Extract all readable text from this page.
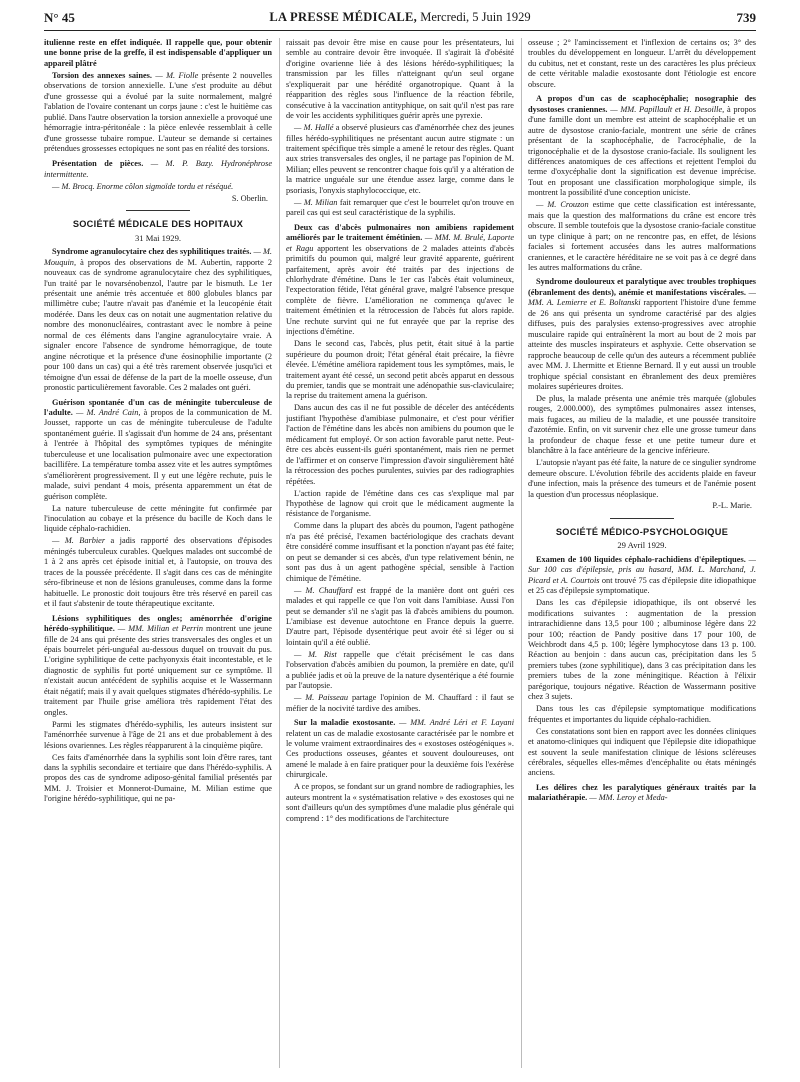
N° 45	LA PRESSE MÉDICALE, Mercredi, 5 Juin 1929	739

itulienne reste en effet indiquée. Il rappelle que, pour obtenir une bonne prise de la greffe, il est indispensable d'appliquer un appareil plâtré

Torsion des annexes saines. — M. Fiolle présente 2 nouvelles observations de torsion annexielle. L'une s'est produite au début d'une grossesse qui a évolué par la suite normalement, malgré l'ablation de l'ovaire contenant un corps jaune : c'est le huitième cas publié. Dans l'autre observation la torsion annexielle a provoqué une hémorragie intra-péritonéale : la pièce enlevée ressemblait à celle d'une grossesse tubaire rompue. L'auteur se demande si certaines prétendues grossesses ectopiques ne sont pas en réalité des torsions.

Présentation de pièces. — M. P. Bazy. Hydronéphrose intermittente.

— M. Brocq. Enorme côlon sigmoïde tordu et réséqué.

S. Oberlin.

SOCIÉTÉ MÉDICALE DES HOPITAUX
31 Mai 1929.

Syndrome agranulocytaire chez des syphilitiques traités. — M. Mouquin, à propos des observations de M. Aubertin, rapporte 2 nouveaux cas de syndrome agranulocytaire chez des syphilitiques, l'un traité par le novarsénobenzol, l'autre par le bismuth. Le 1er présentait une anémie très accentuée et 800 globules blancs par millimètre cube; l'autre n'avait pas d'anémie et la leucopénie était modérée. Dans les deux cas on notait une augmentation relative du nombre des mononucléaires, contrastant avec le nombre à peine normal de ces éléments dans l'angine agranulocytaire vraie. A signaler encore l'absence de syndrome hémorragique, de toute angine nécrotique et la présence d'une éosinophilie importante (2 pour 100 dans un cas) qui a été très rarement observée jusqu'ici et témoigne d'un essai de défense de la part de la moelle osseuse, d'un pronostic particulièrement favorable. Ces 2 malades ont guéri.

Guérison spontanée d'un cas de méningite tuberculeuse de l'adulte. — M. André Cain, à propos de la communication de M. Jousset, rapporte un cas de méningite tuberculeuse de l'adulte spontanément guérie. Il s'agissait d'un homme de 24 ans, présentant à l'entrée à l'hôpital des symptômes typiques de méningite tuberculeuse et une localisation pulmonaire avec une expectoration bacillifère. La température tomba assez vite et les autres symptômes s'améliorèrent progressivement. Il y eut une légère rechute, puis le malade, suivi pendant 4 mois, présenta apparemment un état de guérison complète.

La nature tuberculeuse de cette méningite fut confirmée par l'inoculation au cobaye et la présence du bacille de Koch dans le liquide céphalo-rachidien.

— M. Barbier a jadis rapporté des observations d'épisodes méningés tuberculeux curables. Quelques malades ont succombé de 1 à 2 ans après cet épisode initial et, à l'autopsie, on trouva des traces de la poussée précédente. Il s'agit dans ces cas de méningite séro-fibrineuse et non de lésions granuleuses, comme dans la forme habituelle. Le pronostic doit toujours être très réservé en pareil cas et il faut s'abstenir de toute thérapeutique excitante.

Lésions syphilitiques des ongles; aménorrhée d'origine hérédo-syphilitique. — MM. Milian et Perrin montrent une jeune fille de 24 ans qui présente des stries transversales des ongles et un épais bourrelet péri-unguéal au-dessous duquel on trouvait du pus. L'origine syphilitique de cette pachyonyxis était incontestable, et le diagnostic de syphilis fut porté uniquement sur ce symptôme. Il n'existait aucun antécédent de syphilis acquise et le Wassermann était négatif; mais il y avait quelques stigmates d'hérédo-syphilis. Le traitement par l'huile grise améliora très rapidement l'état des ongles.

Parmi les stigmates d'hérédo-syphilis, les auteurs insistent sur l'aménorrhée survenue à l'âge de 21 ans et due probablement à des lésions ovariennes. Les règles réapparurent à la cinquième piqûre.

Ces faits d'aménorrhée dans la syphilis sont loin d'être rares, tant dans la syphilis secondaire et tertiaire que dans l'hérédo-syphilis. A propos des cas de syndrome adiposo-génital familial présentés par MM. J. Troisier et Monnerot-Dumaine, M. Milian estime que l'origine hérédo-syphilitique, qui ne pa-

raissait pas devoir être mise en cause pour les présentateurs, lui semble au contraire devoir être invoquée. Il s'agirait là d'obésité d'origine ovarienne liée à des lésions hérédo-syphilitiques; la transmission par les filles n'atteignant qu'un seul organe s'expliquerait par une hérédité organotropique. Quant à la réapparition des règles sous l'influence de la réaction fébrile, consécutive à la vaccination antityphique, on sait qu'il n'est pas rare de voir les accidents syphilitiques guérir après une pyrexie.

— M. Hallé a observé plusieurs cas d'aménorrhée chez des jeunes filles hérédo-syphilitiques ne présentant aucun autre stigmate : un traitement spécifique très simple a amené le retour des règles. Quant aux stries transversales des ongles, il ne partage pas l'opinion de M. Milian; elles peuvent se rencontrer chaque fois qu'il y a altération de la matrice unguéale sur une étendue assez large, comme dans le psoriasis, l'onyxis staphylococcique, etc.

— M. Milian fait remarquer que c'est le bourrelet qu'on trouve en pareil cas qui est seul caractéristique de la syphilis.

Deux cas d'abcès pulmonaires non amibiens rapidement améliorés par le traitement émétinien. — MM. M. Brulé, Laporte et Ragu apportent les observations de 2 malades atteints d'abcès primitifs du poumon qui, malgré leur gravité apparente, guérirent parfaitement, après avoir été traités par des injections de chlorhydrate d'émétine. Dans le 1er cas l'abcès était volumineux, l'expectoration fétide, l'état général grave, malgré l'absence presque complète de fièvre. L'amélioration ne commença qu'avec le traitement émétinien et la rétrocession de l'abcès fut alors rapide. Une rechute survint qui ne fut enrayée que par la reprise des injections d'émétine.

Dans le second cas, l'abcès, plus petit, était situé à la partie supérieure du poumon droit; l'état général était précaire, la fièvre élevée. L'émétine améliora rapidement tous les symptômes, mais, le traitement ayant été cessé, un second petit abcès apparut en dessous du premier, tandis que se montrait une adénopathie sus-claviculaire; la reprise du traitement amena la guérison.

Dans aucun des cas il ne fut possible de déceler des antécédents justifiant l'hypothèse d'amibiase pulmonaire, et c'est pour vérifier l'action de l'émétine dans les abcès non amibiens du poumon que le médicament fut employé. Or son action favorable parut nette. Peut-être ces abcès eussent-ils guéri spontanément, mais rien ne permet de l'affirmer et on conserve l'impression d'avoir singulièrement hâté la rétrocession des poches purulentes, suivies par des radiographies répétées.

L'action rapide de l'émétine dans ces cas s'explique mal par l'hypothèse de lagnow qui croit que le médicament augmente la résistance de l'organisme.

Comme dans la plupart des abcès du poumon, l'agent pathogène n'a pas été précisé, l'examen bactériologique des crachats devant être considéré comme insuffisant et la ponction n'ayant pas été faite; on peut se demander si ces abcès, d'un type relativement bénin, ne sont pas dus à un agent pathogène spécial, sensible à l'action chimique de l'émétine.

— M. Chauffard est frappé de la manière dont ont guéri ces malades et qui rappelle ce que l'on voit dans l'amibiase. Aussi l'on peut se demander s'il ne s'agit pas là d'abcès amibiens du poumon. L'amibiase est devenue autochtone en France depuis la guerre. D'autre part, l'épisode dysentérique peut avoir été si léger ou si lointain qu'il a été oublié.

— M. Rist rappelle que c'était précisément le cas dans l'observation d'abcès amibien du poumon, la première en date, qu'il a publiée jadis et où la preuve de la nature dysentérique a été fournie par l'autopsie.

— M. Paisseau partage l'opinion de M. Chauffard : il faut se méfier de la nocivité tardive des amibes.

Sur la maladie exostosante. — MM. André Léri et F. Layani relatent un cas de maladie exostosante caractérisée par le nombre et le volume vraiment extraordinaires des « exostoses ostéogéniques ». Ces productions osseuses, géantes et souvent douloureuses, ont amené le malade à en faire pratiquer pour la deuxième fois l'exérèse chirurgicale.

A ce propos, se fondant sur un grand nombre de radiographies, les auteurs montrent la « systématisation relative » des exostoses qui ne sont d'ailleurs qu'un des symptômes d'une maladie plus générale qui comprend : 1° des modifications de l'architecture

osseuse ; 2° l'amincissement et l'inflexion de certains os; 3° des troubles du développement en longueur. L'arrêt du développement du cubitus, net et constant, reste un des caractères les plus précieux de cette véritable maladie exostosante dont l'étiologie est encore obscure.

A propos d'un cas de scaphocéphalie; nosographie des dysostoses craniennes. — MM. Papillault et H. Desoille, à propos d'une famille dont un membre est atteint de scaphocéphalie et un autre de dysostose cranio-faciale, montrent une série de crânes présentant de la scaphocéphalie, de l'acrocéphalie, de la trigonocéphalie et de la dysostose cranio-faciale. Ils soulignent les différences anatomiques de ces affections et rejettent l'emploi du terme d'oxycéphalie dont la signification est devenue imprécise. Tout en proposant une classification morphologique simple, ils montrent la possibilité d'une conception uniciste.

— M. Crouzon estime que cette classification est intéressante, mais que la question des malformations du crâne est encore très obscure. Il semble toutefois que la dysostose cranio-faciale constitue un type clinique à part; on ne rencontre pas, en effet, de lésions faciales si fortement accusées dans les autres malformations craniennes, et le caractère héréditaire ne se voit pas à ce degré dans les autres malformations du crâne.

Syndrome douloureux et paralytique avec troubles trophiques (ébranlement des dents), anémie et manifestations viscérales. — MM. A. Lemierre et E. Boltanski rapportent l'histoire d'une femme de 26 ans qui présenta un syndrome caractérisé par des algies diffuses, puis des paralysies extenso-progressives avec atrophie musculaire rapide qui entraînèrent la mort au bout de 2 mois par atteinte des muscles inspirateurs et asphyxie. Cette observation se rapproche beaucoup de celle qu'un des auteurs a récemment publiée avec MM. J. Lhermitte et Etienne Bernard. Il y eut aussi un trouble trophique spécial consistant en ébranlement des deux premières molaires supérieures droites.

De plus, la malade présenta une anémie très marquée (globules rouges, 2.000.000), des symptômes pulmonaires assez intenses, mais fugaces, au milieu de la maladie, et une poussée transitoire d'azotémie. Enfin, on vit survenir chez elle une grosse tumeur dans la profondeur de chaque fesse et une petite tumeur dure et blanchâtre à la face antérieure de la gencive inférieure.

L'autopsie n'ayant pas été faite, la nature de ce singulier syndrome demeure obscure. L'évolution fébrile des accidents plaide en faveur d'une infection, mais la présence des tumeurs et de l'anémie posent la question d'un processus néoplasique.

P.-L. Marie.

SOCIÉTÉ MÉDICO-PSYCHOLOGIQUE
29 Avril 1929.

Examen de 100 liquides céphalo-rachidiens d'épileptiques. — Sur 100 cas d'épilepsie, pris au hasard, MM. L. Marchand, J. Picard et A. Courtois ont trouvé 75 cas d'épilepsie dite idiopathique et 25 cas d'épilepsie symptomatique.

Dans les cas d'épilepsie idiopathique, ils ont observé les modifications suivantes : augmentation de la pression intrarachidienne dans 13,5 pour 100 ; albuminose légère dans 22 pour 100; réaction de Pandy positive dans 17 pour 100, de Weichbrodt dans 4,5 p. 100; légère lymphocytose dans 13 p. 100. Réaction au benjoin : dans aucun cas, précipitation dans les 5 premiers tubes (zone syphilitique), dans 3 cas précipitation dans les premiers tubes de la zone méningitique. Réaction à l'élixir parégorique, toujours négative. Réaction de Wassermann positive chez 3 sujets.

Dans tous les cas d'épilepsie symptomatique modifications fréquentes et importantes du liquide céphalo-rachidien.

Ces constatations sont bien en rapport avec les données cliniques et anatomo-cliniques qui indiquent que l'épilepsie dite idiopathique est souvent la seule manifestation clinique de lésions scléreuses cérébrales, séquelles elles-mêmes d'encéphalite ou états méningés anciens.

Les délires chez les paralytiques généraux traités par la malariathérapie. — MM. Leroy et Meda-
